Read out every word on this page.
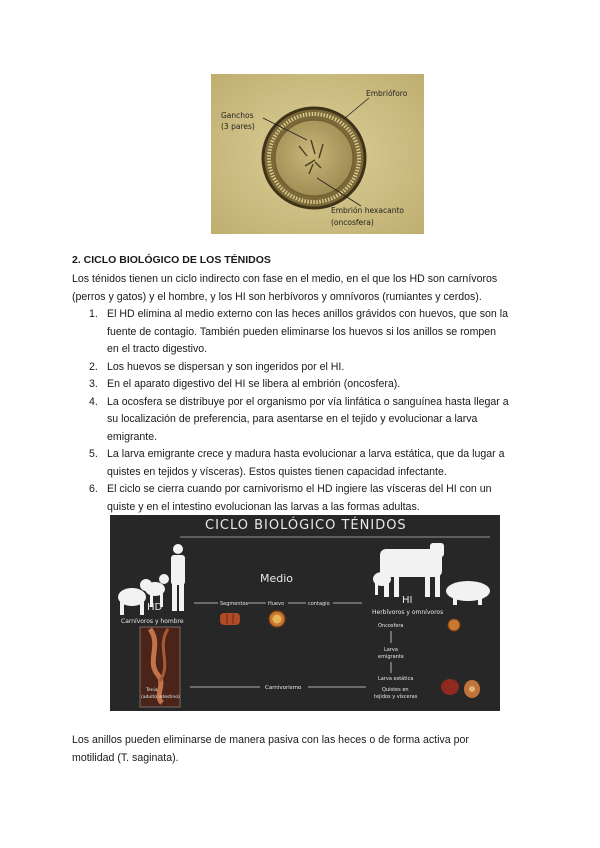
Embrióforo
Ganchos
(3 pares)
Embrión hexacanto
(oncosfera)
2. CICLO BIOLÓGICO DE LOS TÉNIDOS
Los ténidos tienen un ciclo indirecto con fase en el medio, en el que los HD son carnívoros
(perros y gatos) y el hombre, y los HI son herbívoros y omnívoros (rumiantes y cerdos).
1. El HD elimina al medio externo con las heces anillos grávidos con huevos, que son la
fuente de contagio. También pueden eliminarse los huevos si los anillos se rompen
en el tracto digestivo.
2. Los huevos se dispersan y son ingeridos por el HI.
3. En el aparato digestivo del HI se libera al embrión (oncosfera).
4. La ocosfera se distribuye por el organismo por vía linfática o sanguínea hasta llegar a
su localización de preferencia, para asentarse en el tejido y evolucionar a larva
emigrante.
5. La larva emigrante crece y madura hasta evolucionar a larva estática, que da lugar a
quistes en tejidos y vísceras). Estos quistes tienen capacidad infectante.
6. El ciclo se cierra cuando por carnivorismo el HD ingiere las vísceras del HI con un
quiste y en el intestino evolucionan las larvas a las formas adultas.
CICLO BIOLÓGICO TÉNIDOS
HD
Carnívoros y hombre
Tenia
(adulto intestino)
Medio
Segmentos	Huevo	contagio	HI
Herbívoros y omnívoros
Oncosfera
Larva
emigrante
Larva estática
Quistes en
tejidos y vísceras
Carnivorismo
Los anillos pueden eliminarse de manera pasiva con las heces o de forma activa por
motilidad (T. saginata).
